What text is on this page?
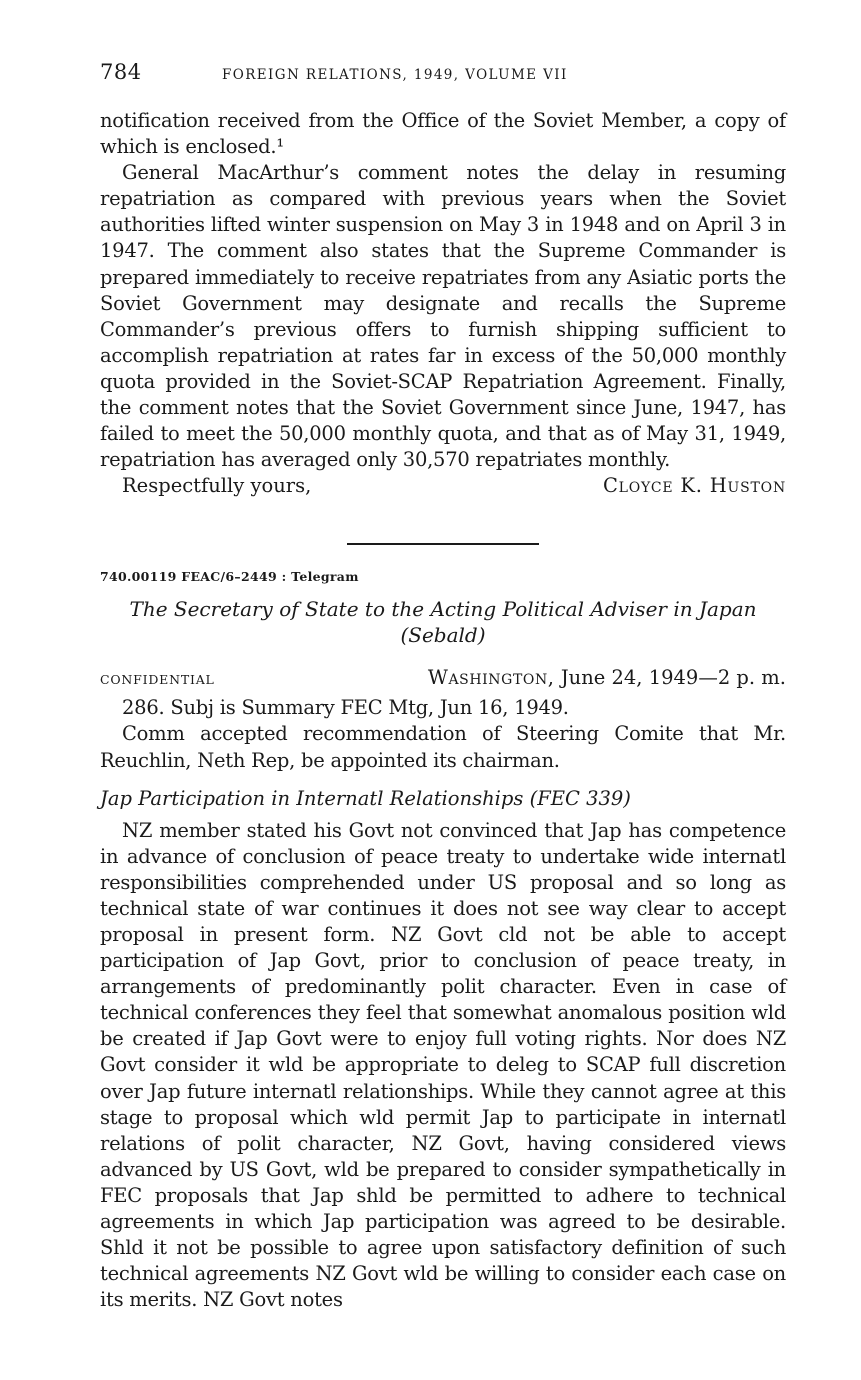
784	FOREIGN RELATIONS, 1949, VOLUME VII

notification received from the Office of the Soviet Member, a copy of which is enclosed.¹

General MacArthur’s comment notes the delay in resuming repatriation as compared with previous years when the Soviet authorities lifted winter suspension on May 3 in 1948 and on April 3 in 1947. The comment also states that the Supreme Commander is prepared immediately to receive repatriates from any Asiatic ports the Soviet Government may designate and recalls the Supreme Commander’s previous offers to furnish shipping sufficient to accomplish repatriation at rates far in excess of the 50,000 monthly quota provided in the Soviet-SCAP Repatriation Agreement. Finally, the comment notes that the Soviet Government since June, 1947, has failed to meet the 50,000 monthly quota, and that as of May 31, 1949, repatriation has averaged only 30,570 repatriates monthly.

Respectfully yours,	Cloyce K. Huston
740.00119 FEAC/6–2449 : Telegram
The Secretary of State to the Acting Political Adviser in Japan
(Sebald)
CONFIDENTIAL	Washington, June 24, 1949—2 p. m.

286. Subj is Summary FEC Mtg, Jun 16, 1949.

Comm accepted recommendation of Steering Comite that Mr. Reuchlin, Neth Rep, be appointed its chairman.

Jap Participation in Internatl Relationships (FEC 339)

NZ member stated his Govt not convinced that Jap has competence in advance of conclusion of peace treaty to undertake wide internatl responsibilities comprehended under US proposal and so long as technical state of war continues it does not see way clear to accept proposal in present form. NZ Govt cld not be able to accept participation of Jap Govt, prior to conclusion of peace treaty, in arrangements of predominantly polit character. Even in case of technical conferences they feel that somewhat anomalous position wld be created if Jap Govt were to enjoy full voting rights. Nor does NZ Govt consider it wld be appropriate to deleg to SCAP full discretion over Jap future internatl relationships. While they cannot agree at this stage to proposal which wld permit Jap to participate in internatl relations of polit character, NZ Govt, having considered views advanced by US Govt, wld be prepared to consider sympathetically in FEC proposals that Jap shld be permitted to adhere to technical agreements in which Jap participation was agreed to be desirable. Shld it not be possible to agree upon satisfactory definition of such technical agreements NZ Govt wld be willing to consider each case on its merits. NZ Govt notes
